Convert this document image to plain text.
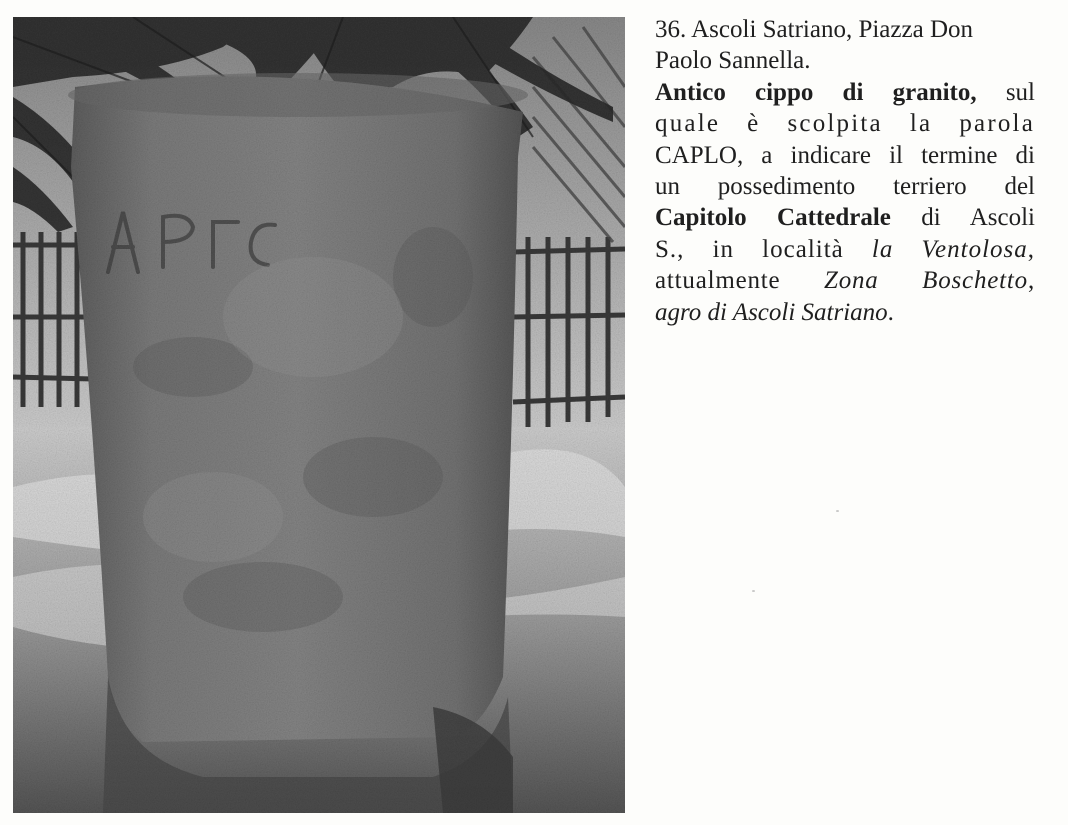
36. Ascoli Satriano, Piazza Don
Paolo Sannella.
Antico cippo di granito, sul
quale è scolpita la parola
CAPLO, a indicare il termine di
un possedimento terriero del
Capitolo Cattedrale di Ascoli
S., in località la Ventolosa,
attualmente Zona Boschetto,
agro di Ascoli Satriano.
